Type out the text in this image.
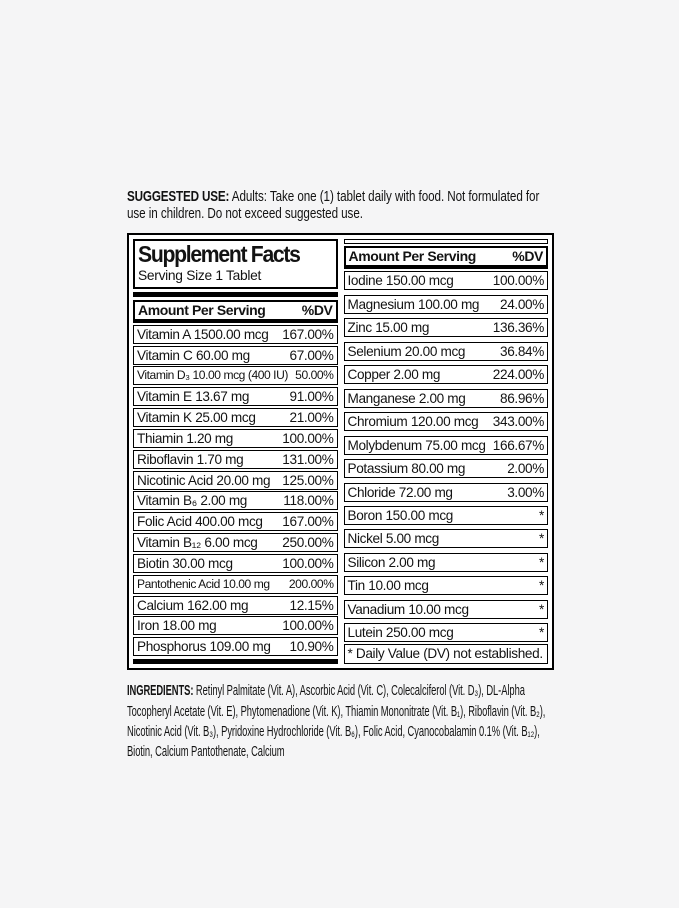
SUGGESTED USE: Adults: Take one (1) tablet daily with food. Not formulated for use in children. Do not exceed suggested use.

Supplement Facts
Serving Size 1 Tablet
Amount Per Serving	%DV
Vitamin A 1500.00 mcg 167.00%
Vitamin C 60.00 mg	67.00%
Vitamin D₃ 10.00 mcg (400 IU) 50.00%
Vitamin E 13.67 mg	91.00%
Vitamin K 25.00 mcg 21.00%
Thiamin 1.20 mg	100.00%
Riboflavin 1.70 mg	131.00%
Nicotinic Acid 20.00 mg 125.00%
Vitamin B₆ 2.00 mg	118.00%
Folic Acid 400.00 mcg 167.00%
Vitamin B₁₂ 6.00 mcg 250.00%
Biotin 30.00 mcg	100.00%
Pantothenic Acid 10.00 mg	200.00%
Calcium 162.00 mg	12.15%
Iron 18.00 mg	100.00%
Phosphorus 109.00 mg 10.90%
Amount Per Serving	%DV
Iodine 150.00 mcg	100.00%
Magnesium 100.00 mg 24.00%
Zinc 15.00 mg	136.36%
Selenium 20.00 mcg	36.84%
Copper 2.00 mg	224.00%
Manganese 2.00 mg	86.96%
Chromium 120.00 mcg 343.00%
Molybdenum 75.00 mcg 166.67%
Potassium 80.00 mg	2.00%
Chloride 72.00 mg	3.00%
Boron 150.00 mcg	*
Nickel 5.00 mcg	*
Silicon 2.00 mg	*
Tin 10.00 mcg	*
Vanadium 10.00 mcg	*
Lutein 250.00 mcg	*
* Daily Value (DV) not established.

INGREDIENTS: Retinyl Palmitate (Vit. A), Ascorbic Acid (Vit. C), Colecalciferol (Vit. D₃), DL-Alpha Tocopheryl Acetate (Vit. E), Phytomenadione (Vit. K), Thiamin Mononitrate (Vit. B₁), Riboflavin (Vit. B₂), Nicotinic Acid (Vit. B₃), Pyridoxine Hydrochloride (Vit. B₆), Folic Acid, Cyanocobalamin 0.1% (Vit. B₁₂), Biotin, Calcium Pantothenate, Calcium
